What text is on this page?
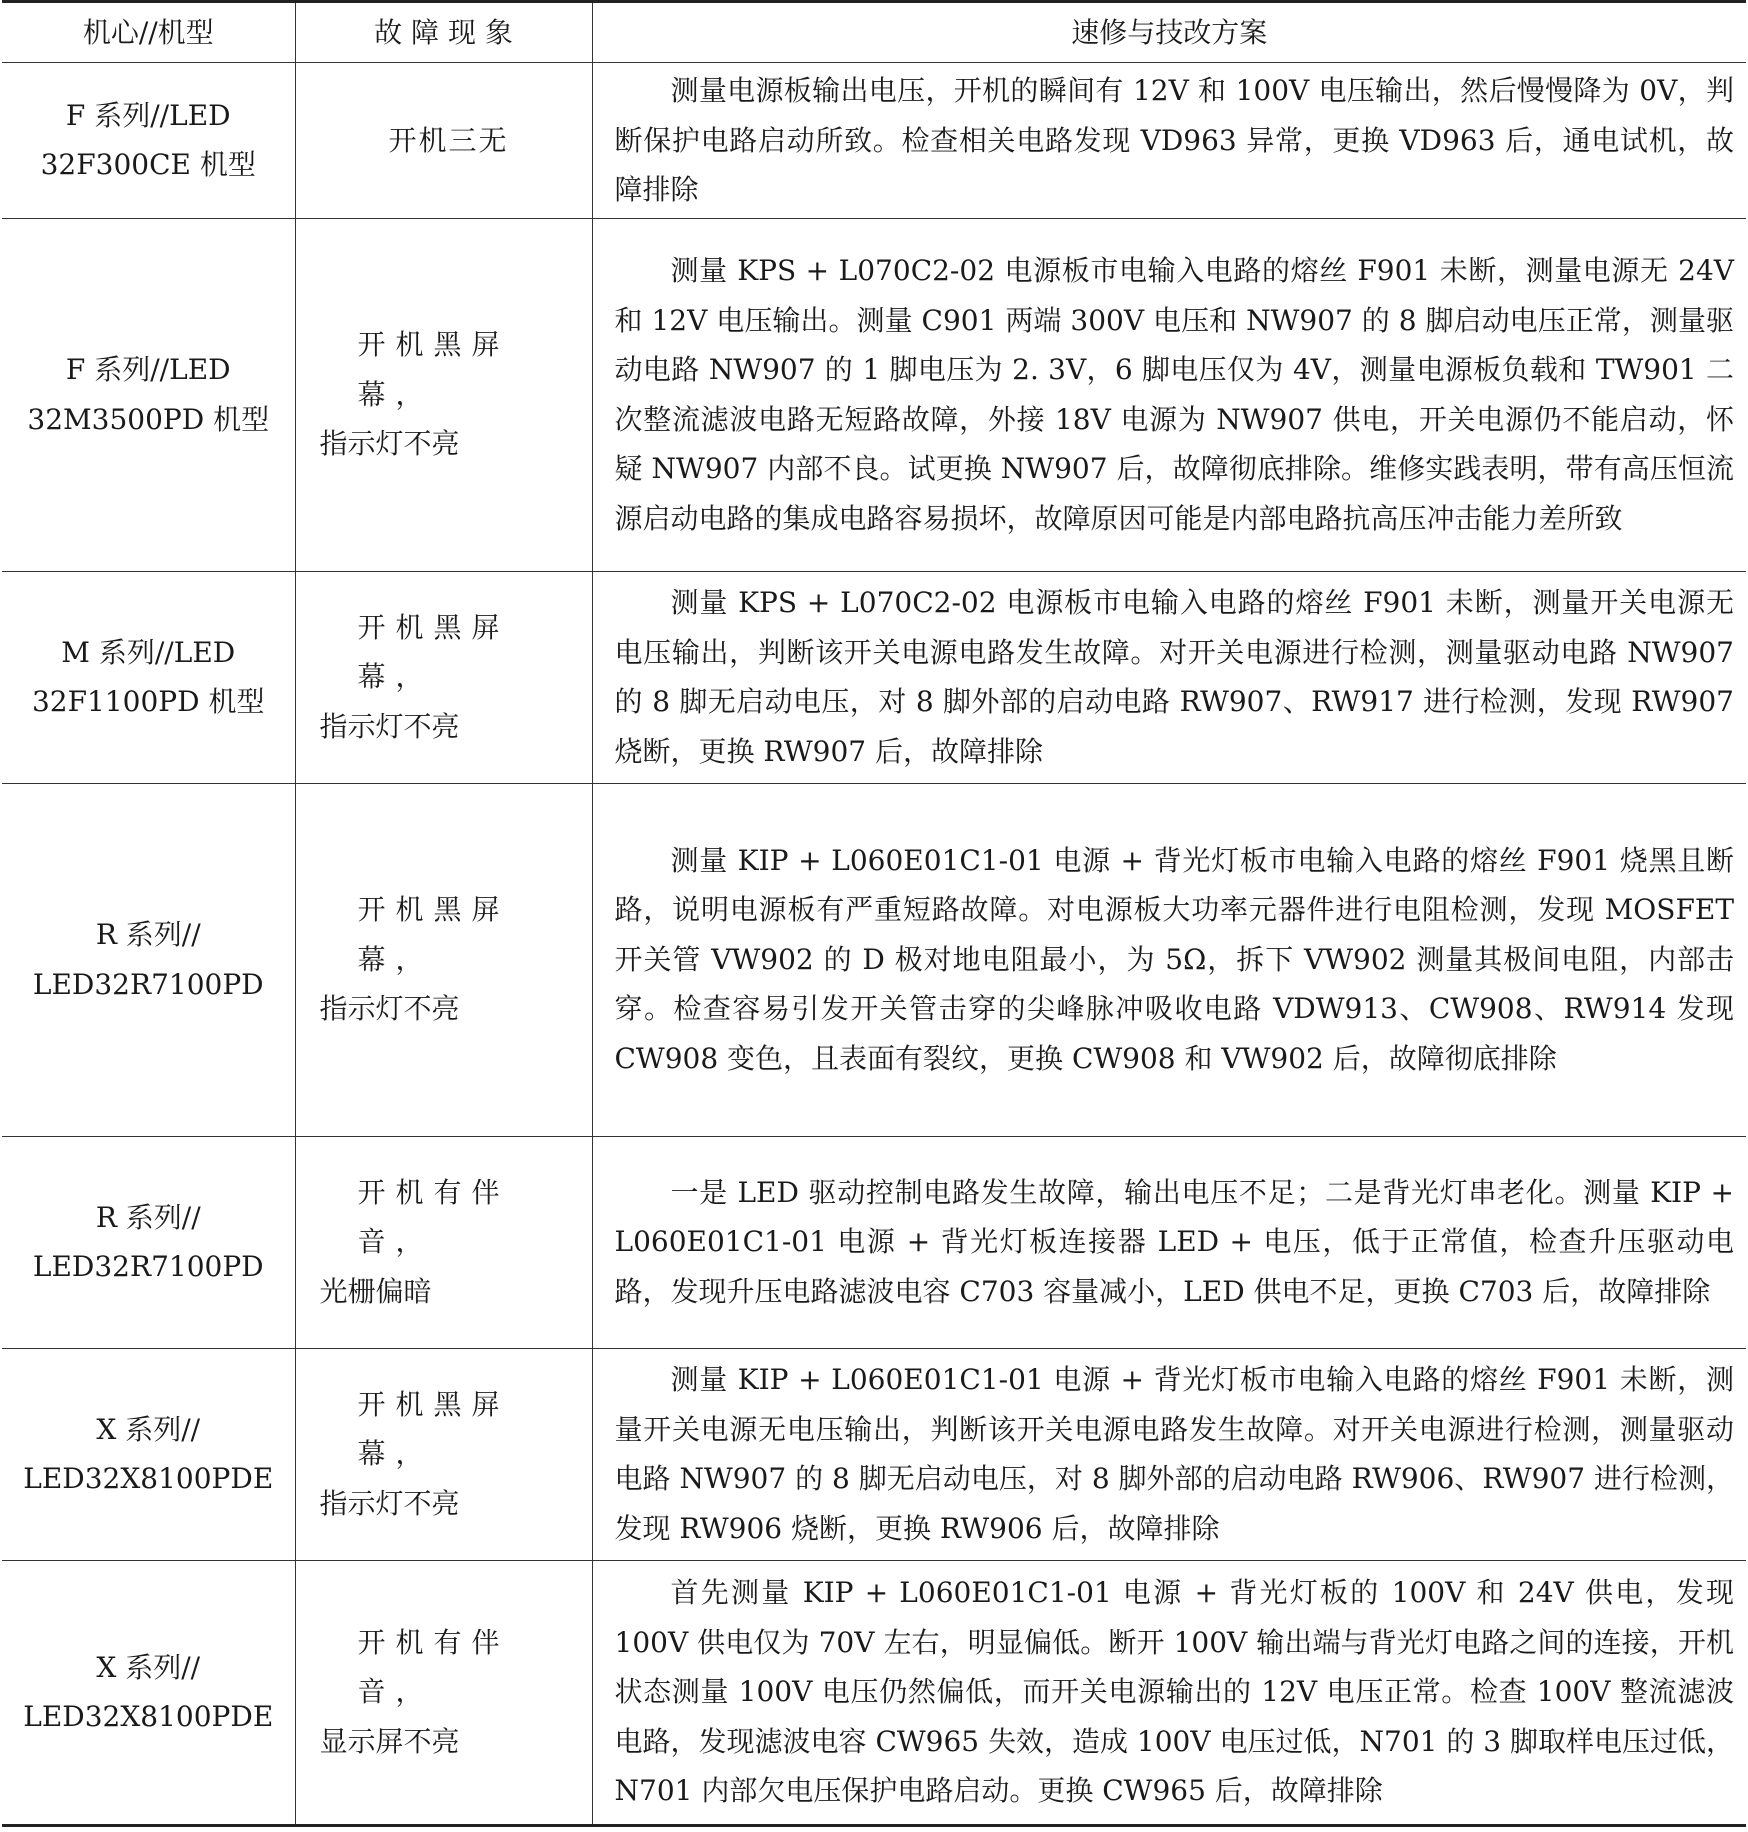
机心//机型	故 障 现 象	速修与技改方案

F 系列//LED
32F300CE 机型	开机三无	测量电源板输出电压，开机的瞬间有 12V 和 100V 电压输出，然后慢慢降为 0V，判断保护电路启动所致。检查相关电路发现 VD963 异常，更换 VD963 后，通电试机，故障排除

F 系列//LED
32M3500PD 机型	开机黑屏幕，
指示灯不亮	测量 KPS + L070C2-02 电源板市电输入电路的熔丝 F901 未断，测量电源无 24V 和 12V 电压输出。测量 C901 两端 300V 电压和 NW907 的 8 脚启动电压正常，测量驱动电路 NW907 的 1 脚电压为 2. 3V，6 脚电压仅为 4V，测量电源板负载和 TW901 二次整流滤波电路无短路故障，外接 18V 电源为 NW907 供电，开关电源仍不能启动，怀疑 NW907 内部不良。试更换 NW907 后，故障彻底排除。维修实践表明，带有高压恒流源启动电路的集成电路容易损坏，故障原因可能是内部电路抗高压冲击能力差所致

M 系列//LED
32F1100PD 机型	开机黑屏幕，
指示灯不亮	测量 KPS + L070C2-02 电源板市电输入电路的熔丝 F901 未断，测量开关电源无电压输出，判断该开关电源电路发生故障。对开关电源进行检测，测量驱动电路 NW907 的 8 脚无启动电压，对 8 脚外部的启动电路 RW907、RW917 进行检测，发现 RW907 烧断，更换 RW907 后，故障排除

R 系列//
LED32R7100PD	开机黑屏幕，
指示灯不亮	测量 KIP + L060E01C1-01 电源 + 背光灯板市电输入电路的熔丝 F901 烧黑且断路，说明电源板有严重短路故障。对电源板大功率元器件进行电阻检测，发现 MOSFET 开关管 VW902 的 D 极对地电阻最小，为 5Ω，拆下 VW902 测量其极间电阻，内部击穿。检查容易引发开关管击穿的尖峰脉冲吸收电路 VDW913、CW908、RW914 发现 CW908 变色，且表面有裂纹，更换 CW908 和 VW902 后，故障彻底排除

R 系列//
LED32R7100PD	开机有伴音，
光栅偏暗	一是 LED 驱动控制电路发生故障，输出电压不足；二是背光灯串老化。测量 KIP + L060E01C1-01 电源 + 背光灯板连接器 LED + 电压，低于正常值，检查升压驱动电路，发现升压电路滤波电容 C703 容量减小，LED 供电不足，更换 C703 后，故障排除

X 系列//
LED32X8100PDE	开机黑屏幕，
指示灯不亮	测量 KIP + L060E01C1-01 电源 + 背光灯板市电输入电路的熔丝 F901 未断，测量开关电源无电压输出，判断该开关电源电路发生故障。对开关电源进行检测，测量驱动电路 NW907 的 8 脚无启动电压，对 8 脚外部的启动电路 RW906、RW907 进行检测，发现 RW906 烧断，更换 RW906 后，故障排除

X 系列//
LED32X8100PDE	开机有伴音，
显示屏不亮	首先测量 KIP + L060E01C1-01 电源 + 背光灯板的 100V 和 24V 供电，发现 100V 供电仅为 70V 左右，明显偏低。断开 100V 输出端与背光灯电路之间的连接，开机状态测量 100V 电压仍然偏低，而开关电源输出的 12V 电压正常。检查 100V 整流滤波电路，发现滤波电容 CW965 失效，造成 100V 电压过低，N701 的 3 脚取样电压过低，N701 内部欠电压保护电路启动。更换 CW965 后，故障排除
